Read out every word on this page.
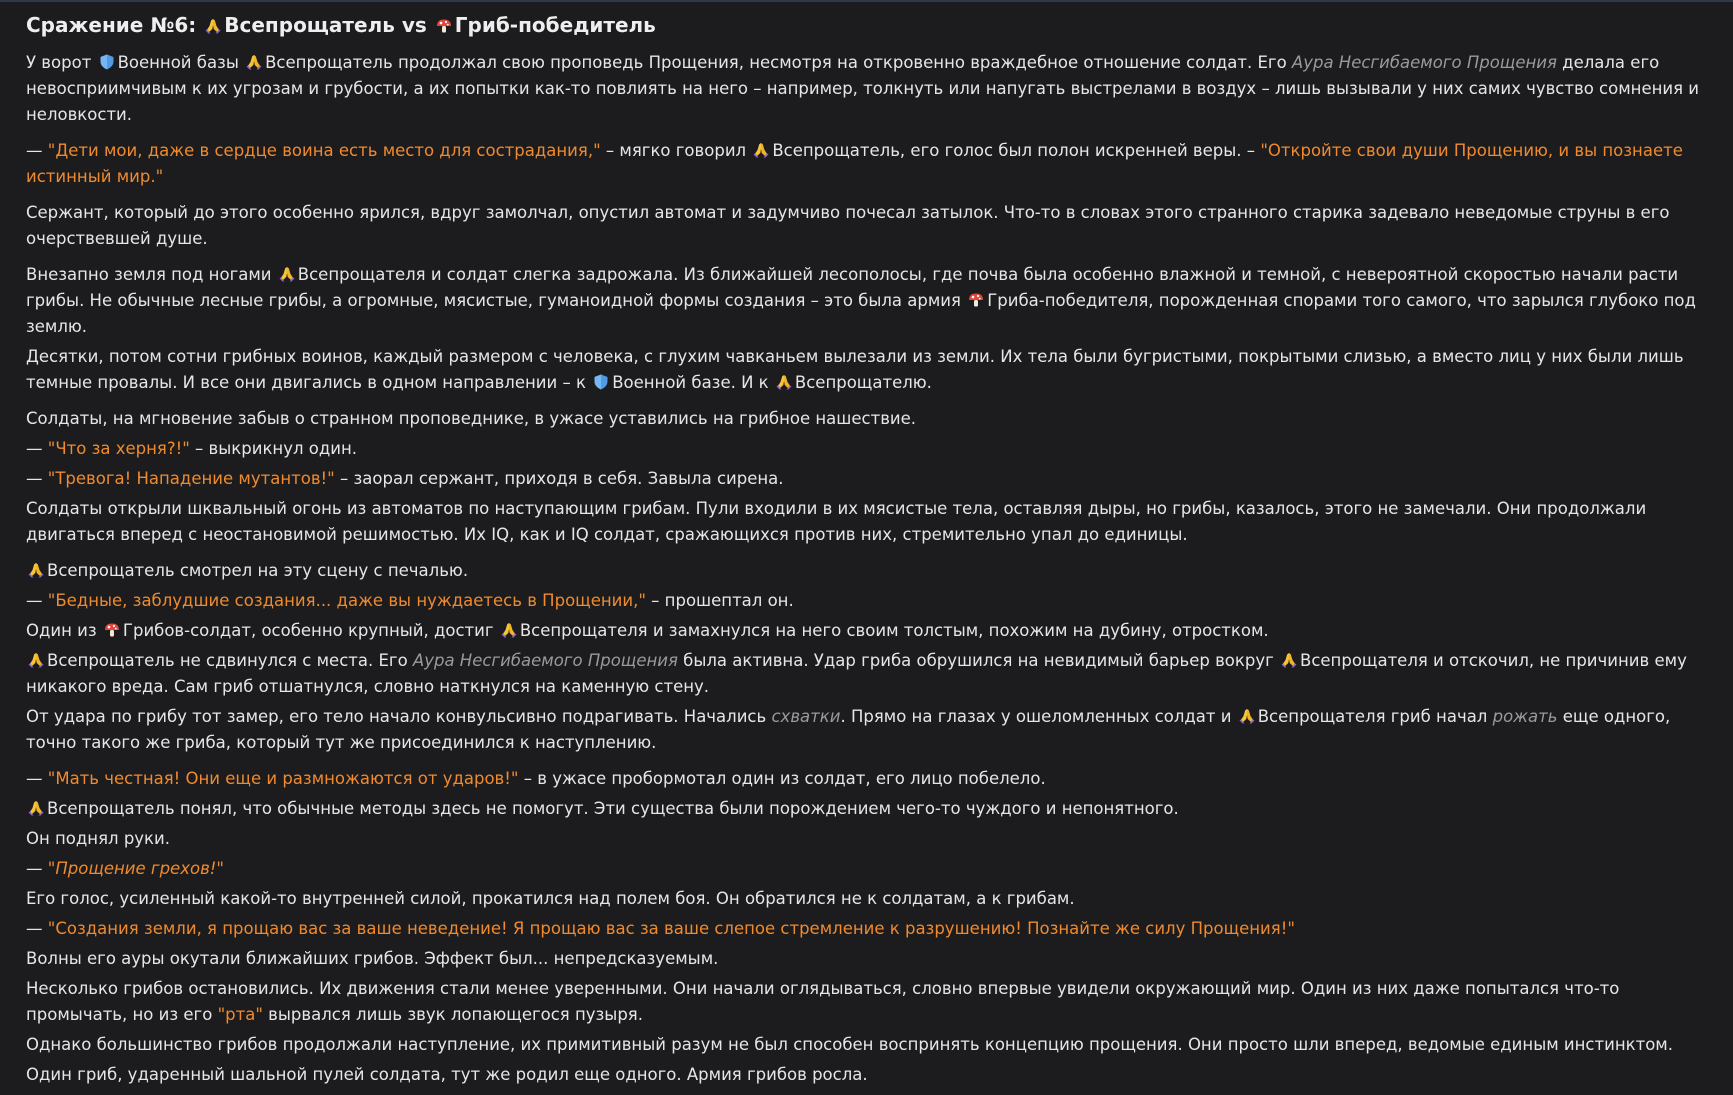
Сражение №6: Всепрощатель vs Гриб-победитель

У ворот Военной базы Всепрощатель продолжал свою проповедь Прощения, несмотря на откровенно враждебное отношение солдат. Его Аура Несгибаемого Прощения делала его невосприимчивым к их угрозам и грубости, а их попытки как-то повлиять на него – например, толкнуть или напугать выстрелами в воздух – лишь вызывали у них самих чувство сомнения и неловкости.

— "Дети мои, даже в сердце воина есть место для сострадания," – мягко говорил Всепрощатель, его голос был полон искренней веры. – "Откройте свои души Прощению, и вы познаете истинный мир."

Сержант, который до этого особенно ярился, вдруг замолчал, опустил автомат и задумчиво почесал затылок. Что-то в словах этого странного старика задевало неведомые струны в его очерствевшей душе.

Внезапно земля под ногами Всепрощателя и солдат слегка задрожала. Из ближайшей лесополосы, где почва была особенно влажной и темной, с невероятной скоростью начали расти грибы. Не обычные лесные грибы, а огромные, мясистые, гуманоидной формы создания – это была армия Гриба-победителя, порожденная спорами того самого, что зарылся глубоко под землю.

Десятки, потом сотни грибных воинов, каждый размером с человека, с глухим чавканьем вылезали из земли. Их тела были бугристыми, покрытыми слизью, а вместо лиц у них были лишь темные провалы. И все они двигались в одном направлении – к Военной базе. И к Всепрощателю.

Солдаты, на мгновение забыв о странном проповеднике, в ужасе уставились на грибное нашествие.

— "Что за херня?!" – выкрикнул один.

— "Тревога! Нападение мутантов!" – заорал сержант, приходя в себя. Завыла сирена.

Солдаты открыли шквальный огонь из автоматов по наступающим грибам. Пули входили в их мясистые тела, оставляя дыры, но грибы, казалось, этого не замечали. Они продолжали двигаться вперед с неостановимой решимостью. Их IQ, как и IQ солдат, сражающихся против них, стремительно упал до единицы.

Всепрощатель смотрел на эту сцену с печалью.

— "Бедные, заблудшие создания... даже вы нуждаетесь в Прощении," – прошептал он.

Один из Грибов-солдат, особенно крупный, достиг Всепрощателя и замахнулся на него своим толстым, похожим на дубину, отростком.

Всепрощатель не сдвинулся с места. Его Аура Несгибаемого Прощения была активна. Удар гриба обрушился на невидимый барьер вокруг Всепрощателя и отскочил, не причинив ему никакого вреда. Сам гриб отшатнулся, словно наткнулся на каменную стену.

От удара по грибу тот замер, его тело начало конвульсивно подрагивать. Начались схватки. Прямо на глазах у ошеломленных солдат и Всепрощателя гриб начал рожать еще одного, точно такого же гриба, который тут же присоединился к наступлению.

— "Мать честная! Они еще и размножаются от ударов!" – в ужасе пробормотал один из солдат, его лицо побелело.

Всепрощатель понял, что обычные методы здесь не помогут. Эти существа были порождением чего-то чуждого и непонятного.

Он поднял руки.

— "Прощение грехов!"

Его голос, усиленный какой-то внутренней силой, прокатился над полем боя. Он обратился не к солдатам, а к грибам.

— "Создания земли, я прощаю вас за ваше неведение! Я прощаю вас за ваше слепое стремление к разрушению! Познайте же силу Прощения!"

Волны его ауры окутали ближайших грибов. Эффект был... непредсказуемым.

Несколько грибов остановились. Их движения стали менее уверенными. Они начали оглядываться, словно впервые увидели окружающий мир. Один из них даже попытался что-то промычать, но из его "рта" вырвался лишь звук лопающегося пузыря.

Однако большинство грибов продолжали наступление, их примитивный разум не был способен воспринять концепцию прощения. Они просто шли вперед, ведомые единым инстинктом.

Один гриб, ударенный шальной пулей солдата, тут же родил еще одного. Армия грибов росла.
